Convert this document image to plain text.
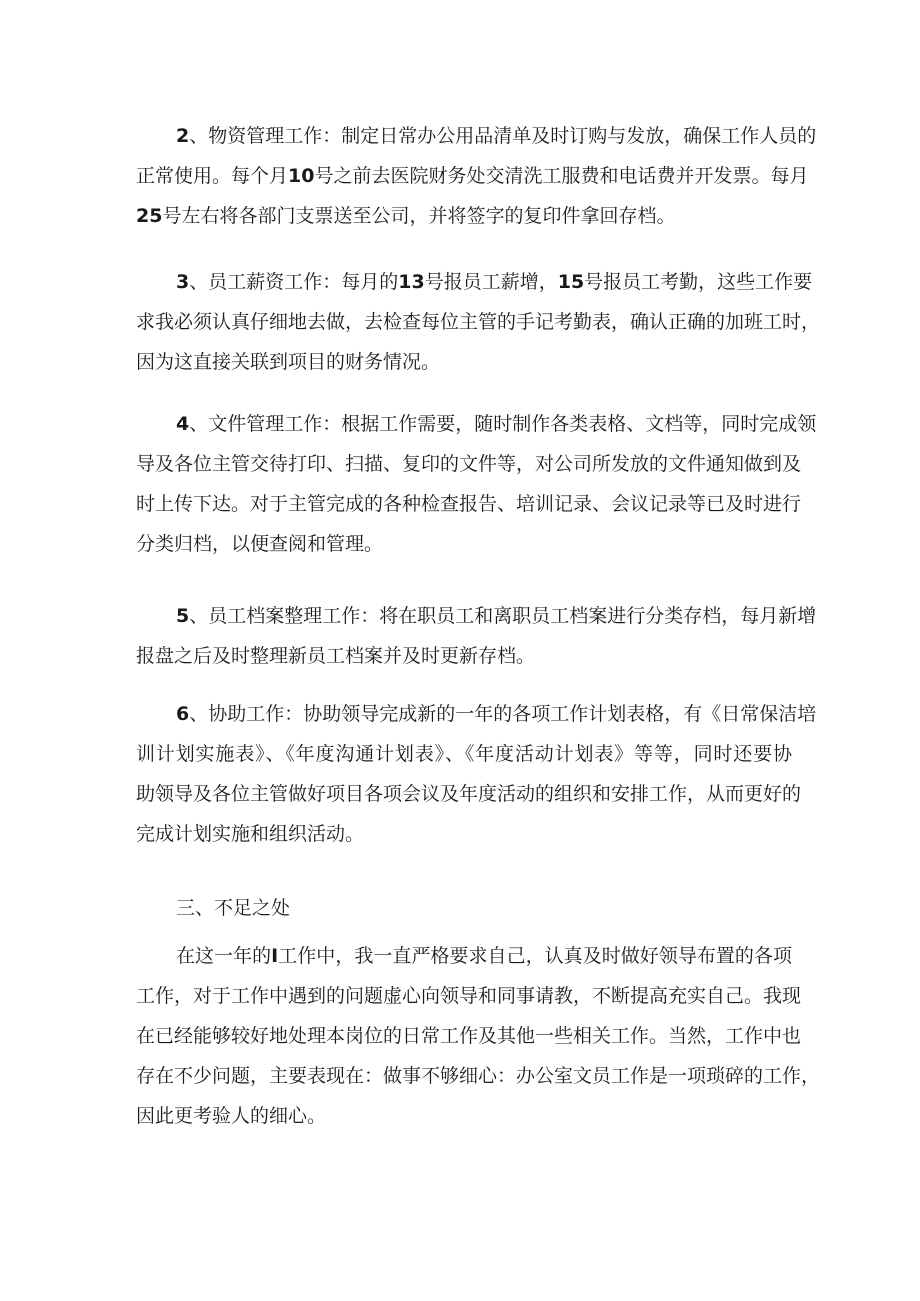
2、物资管理工作：制定日常办公用品清单及时订购与发放，确保工作人员的
正常使用。每个月10号之前去医院财务处交清洗工服费和电话费并开发票。每月
25号左右将各部门支票送至公司，并将签字的复印件拿回存档。
3、员工薪资工作：每月的13号报员工薪增，15号报员工考勤，这些工作要
求我必须认真仔细地去做，去检查每位主管的手记考勤表，确认正确的加班工时，
因为这直接关联到项目的财务情况。
4、文件管理工作：根据工作需要，随时制作各类表格、文档等，同时完成领
导及各位主管交待打印、扫描、复印的文件等，对公司所发放的文件通知做到及
时上传下达。对于主管完成的各种检查报告、培训记录、会议记录等已及时进行
分类归档，以便查阅和管理。
5、员工档案整理工作：将在职员工和离职员工档案进行分类存档，每月新增
报盘之后及时整理新员工档案并及时更新存档。
6、协助工作：协助领导完成新的一年的各项工作计划表格，有《日常保洁培
训计划实施表》、《年度沟通计划表》、《年度活动计划表》等等，同时还要协
助领导及各位主管做好项目各项会议及年度活动的组织和安排工作，从而更好的
完成计划实施和组织活动。
三、不足之处
在这一年的I工作中，我一直严格要求自己，认真及时做好领导布置的各项
工作，对于工作中遇到的问题虚心向领导和同事请教，不断提高充实自己。我现
在已经能够较好地处理本岗位的日常工作及其他一些相关工作。当然，工作中也
存在不少问题，主要表现在：做事不够细心：办公室文员工作是一项琐碎的工作，
因此更考验人的细心。
